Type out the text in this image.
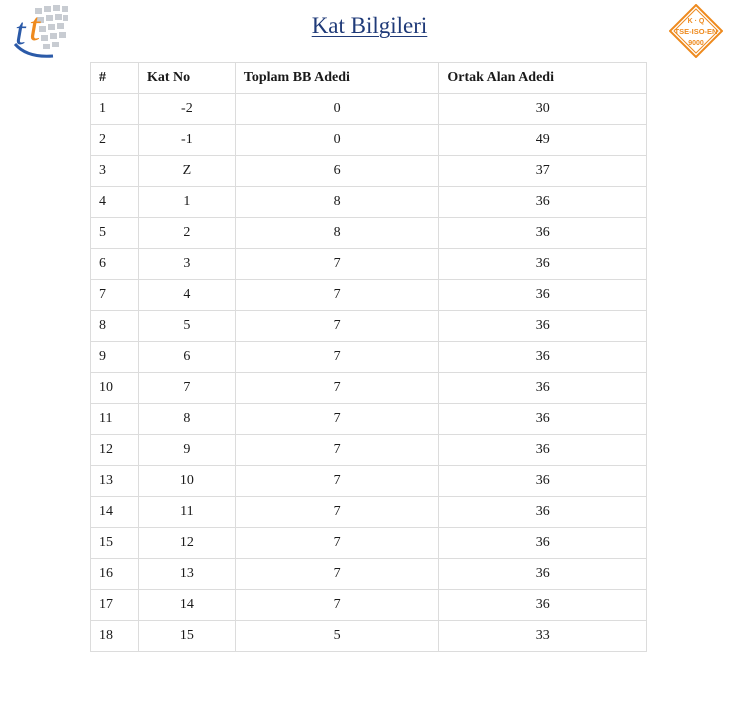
t t	Kat Bilgileri	K · Q
TSE-ISO-EN
9000
#	Kat No	Toplam BB Adedi	Ortak Alan Adedi
1	-2	0	30
2	-1	0	49
3	Z	6	37
4	1	8	36
5	2	8	36
6	3	7	36
7	4	7	36
8	5	7	36
9	6	7	36
10	7	7	36
11	8	7	36
12	9	7	36
13	10	7	36
14	11	7	36
15	12	7	36
16	13	7	36
17	14	7	36
18	15	5	33
